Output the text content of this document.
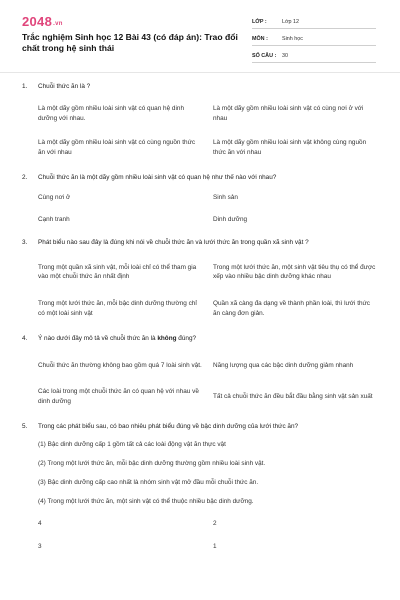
2048.vn
Trắc nghiệm Sinh học 12 Bài 43 (có đáp án): Trao đổi chất trong hệ sinh thái
LỚP :	Lớp 12
MÔN :	Sinh học
SỐ CÂU :	30
1.	Chuỗi thức ăn là ?
Là một dãy gồm nhiều loài sinh vật có quan hệ dinh dưỡng với nhau.
Là một dãy gồm nhiều loài sinh vật có cùng nơi ở với nhau
Là một dãy gồm nhiều loài sinh vật có cùng nguồn thức ăn với nhau
Là một dãy gồm nhiều loài sinh vật không cùng nguồn thức ăn với nhau
2.	Chuỗi thức ăn là một dãy gồm nhiều loài sinh vật có quan hệ như thế nào với nhau?
Cùng nơi ở	Sinh sản
Cạnh tranh	Dinh dưỡng
3.	Phát biểu nào sau đây là đúng khi nói về chuỗi thức ăn và lưới thức ăn trong quần xã sinh vật ?
Trong một quần xã sinh vật, mỗi loài chỉ có thể tham gia vào một chuỗi thức ăn nhất định
Trong một lưới thức ăn, một sinh vật tiêu thụ có thể được xếp vào nhiều bậc dinh dưỡng khác nhau
Trong một lưới thức ăn, mỗi bậc dinh dưỡng thường chỉ có một loài sinh vật
Quần xã càng đa dạng về thành phần loài, thì lưới thức ăn càng đơn giản.
4.	Ý nào dưới đây mô tả về chuỗi thức ăn là không đúng?
Chuỗi thức ăn thường không bao gồm quá 7 loài sinh vật. Năng lượng qua các bậc dinh dưỡng giảm nhanh
Các loài trong một chuỗi thức ăn có quan hệ với nhau về dinh dưỡng
Tất cả chuỗi thức ăn đều bắt đầu bằng sinh vật sản xuất
5.	Trong các phát biểu sau, có bao nhiêu phát biểu đúng về bậc dinh dưỡng của lưới thức ăn?
(1) Bậc dinh dưỡng cấp 1 gồm tất cả các loài động vật ăn thực vật
(2) Trong một lưới thức ăn, mỗi bậc dinh dưỡng thường gồm nhiều loài sinh vật.
(3) Bậc dinh dưỡng cấp cao nhất là nhóm sinh vật mở đầu mỗi chuỗi thức ăn.
(4) Trong một lưới thức ăn, một sinh vật có thể thuộc nhiều bậc dinh dưỡng.
4	2
3	1
